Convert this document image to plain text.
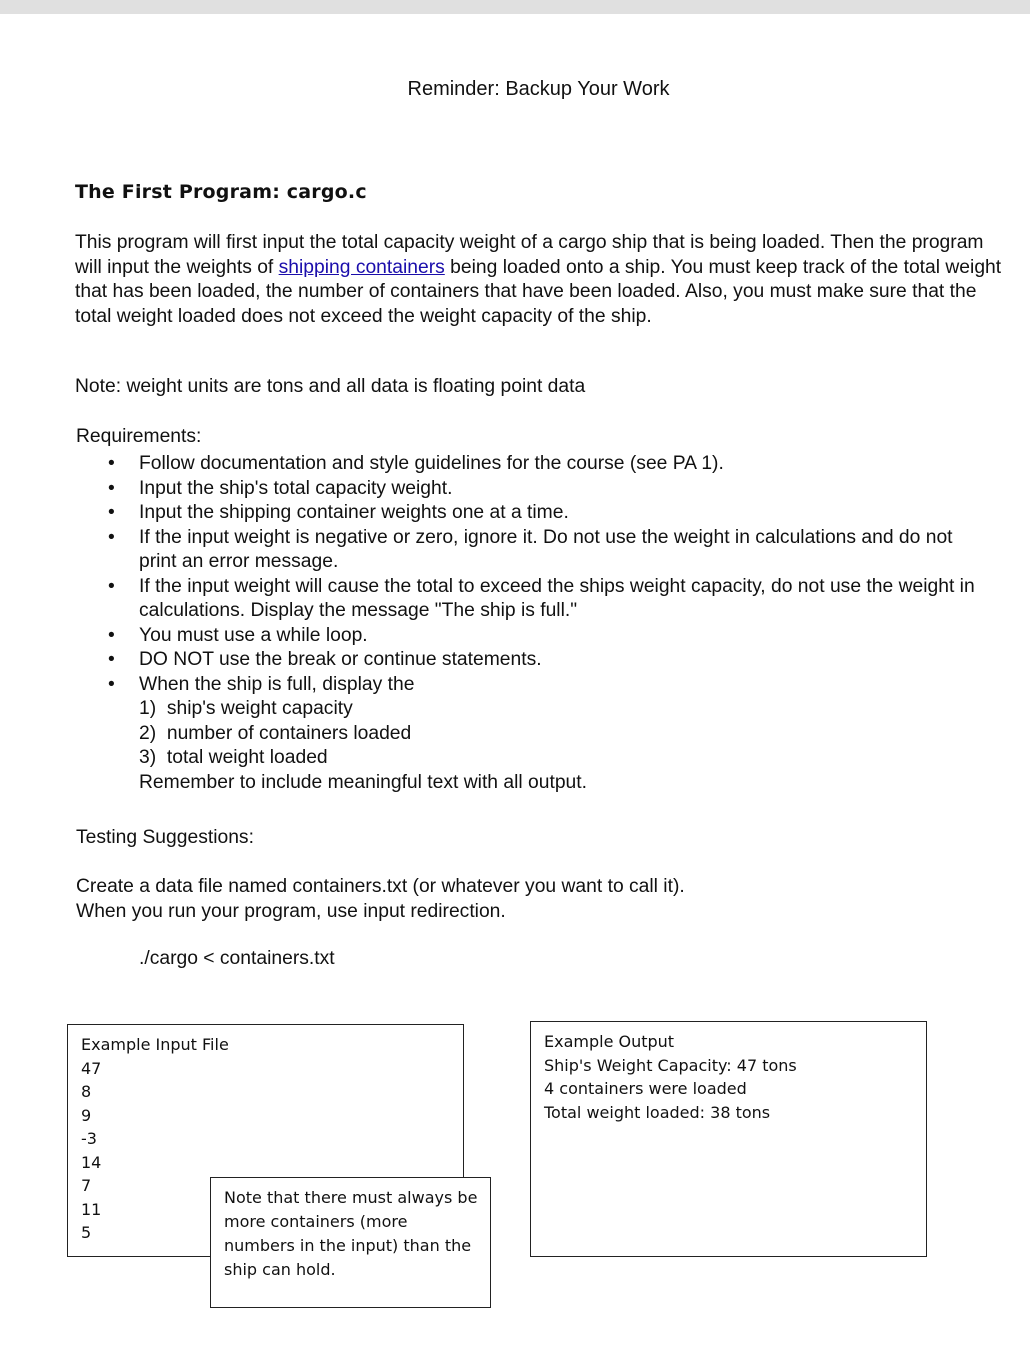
Reminder: Backup Your Work
The First Program: cargo.c
This program will first input the total capacity weight of a cargo ship that is being loaded. Then the program will input the weights of shipping containers being loaded onto a ship. You must keep track of the total weight that has been loaded, the number of containers that have been loaded. Also, you must make sure that the total weight loaded does not exceed the weight capacity of the ship.
Note: weight units are tons and all data is floating point data
Requirements:
• Follow documentation and style guidelines for the course (see PA 1).
• Input the ship's total capacity weight.
• Input the shipping container weights one at a time.
• If the input weight is negative or zero, ignore it. Do not use the weight in calculations and do not print an error message.
• If the input weight will cause the total to exceed the ships weight capacity, do not use the weight in calculations. Display the message "The ship is full."
• You must use a while loop.
• DO NOT use the break or continue statements.
• When the ship is full, display the
1)  ship's weight capacity
2)  number of containers loaded
3)  total weight loaded
Remember to include meaningful text with all output.
Testing Suggestions:
Create a data file named containers.txt (or whatever you want to call it).
When you run your program, use input redirection.
./cargo < containers.txt
Example Input File
47
8
9
-3
14
7
11
5
Example Output
Ship's Weight Capacity: 47 tons
4 containers were loaded
Total weight loaded: 38 tons
Note that there must always be more containers (more numbers in the input) than the ship can hold.
